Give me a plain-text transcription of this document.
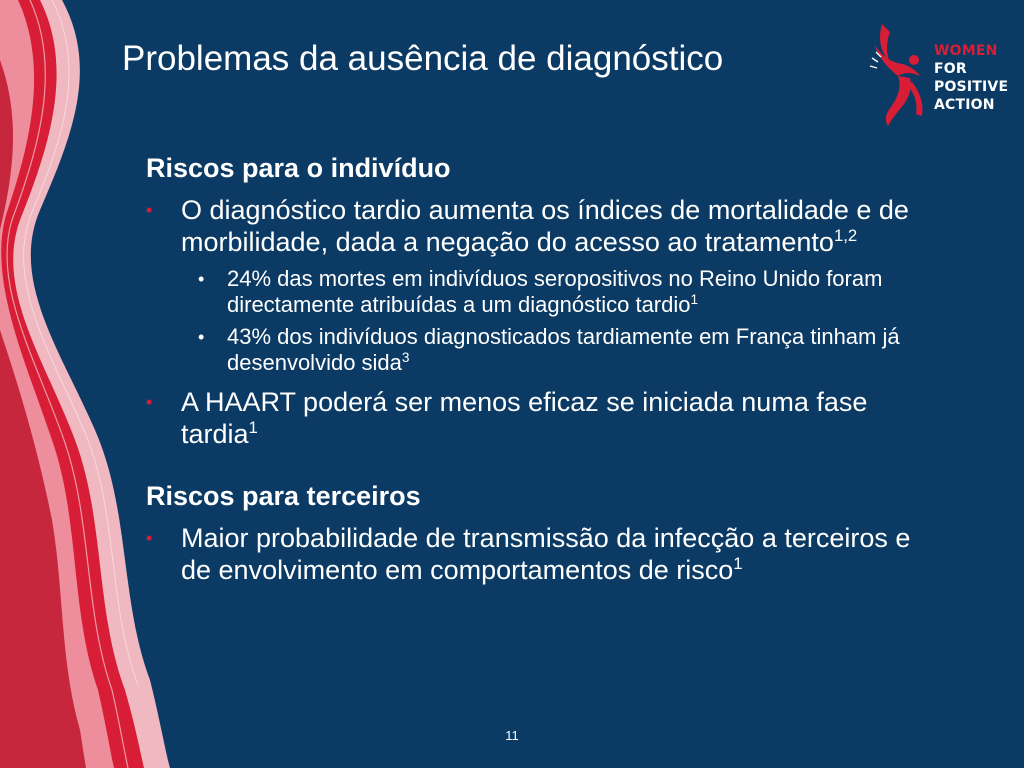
Problemas da ausência de diagnóstico	WOMEN
FOR
POSITIVE
ACTION
Riscos para o indivíduo
• O diagnóstico tardio aumenta os índices de mortalidade e de morbilidade, dada a negação do acesso ao tratamento$^{1,2}$
• 24% das mortes em indivíduos seropositivos no Reino Unido foram directamente atribuídas a um diagnóstico tardio$^1$
• 43% dos indivíduos diagnosticados tardiamente em França tinham já desenvolvido sida$^3$
• A HAART poderá ser menos eficaz se iniciada numa fase tardia$^1$
Riscos para terceiros
• Maior probabilidade de transmissão da infecção a terceiros e de envolvimento em comportamentos de risco$^1$
11
